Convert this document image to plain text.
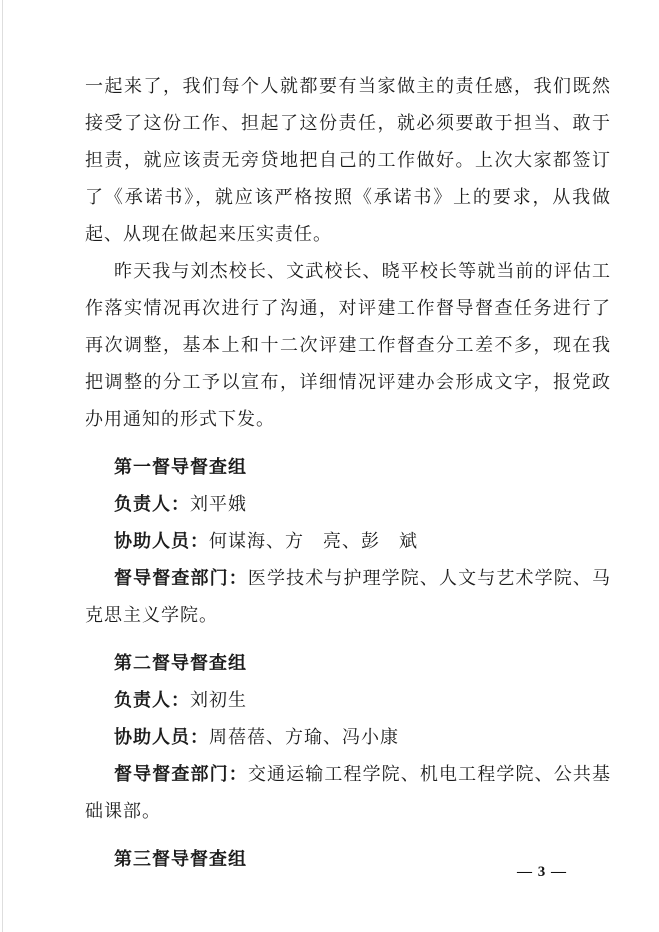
一起来了，我们每个人就都要有当家做主的责任感，我们既然接受了这份工作、担起了这份责任，就必须要敢于担当、敢于担责，就应该责无旁贷地把自己的工作做好。上次大家都签订了《承诺书》，就应该严格按照《承诺书》上的要求，从我做起、从现在做起来压实责任。

昨天我与刘杰校长、文武校长、晓平校长等就当前的评估工作落实情况再次进行了沟通，对评建工作督导督查任务进行了再次调整，基本上和十二次评建工作督查分工差不多，现在我把调整的分工予以宣布，详细情况评建办会形成文字，报党政办用通知的形式下发。

第一督导督查组

负责人：刘平娥

协助人员：何谋海、方　亮、彭　斌

督导督查部门：医学技术与护理学院、人文与艺术学院、马克思主义学院。

第二督导督查组

负责人：刘初生

协助人员：周蓓蓓、方瑜、冯小康

督导督查部门：交通运输工程学院、机电工程学院、公共基础课部。

第三督导督查组

— 3 —
